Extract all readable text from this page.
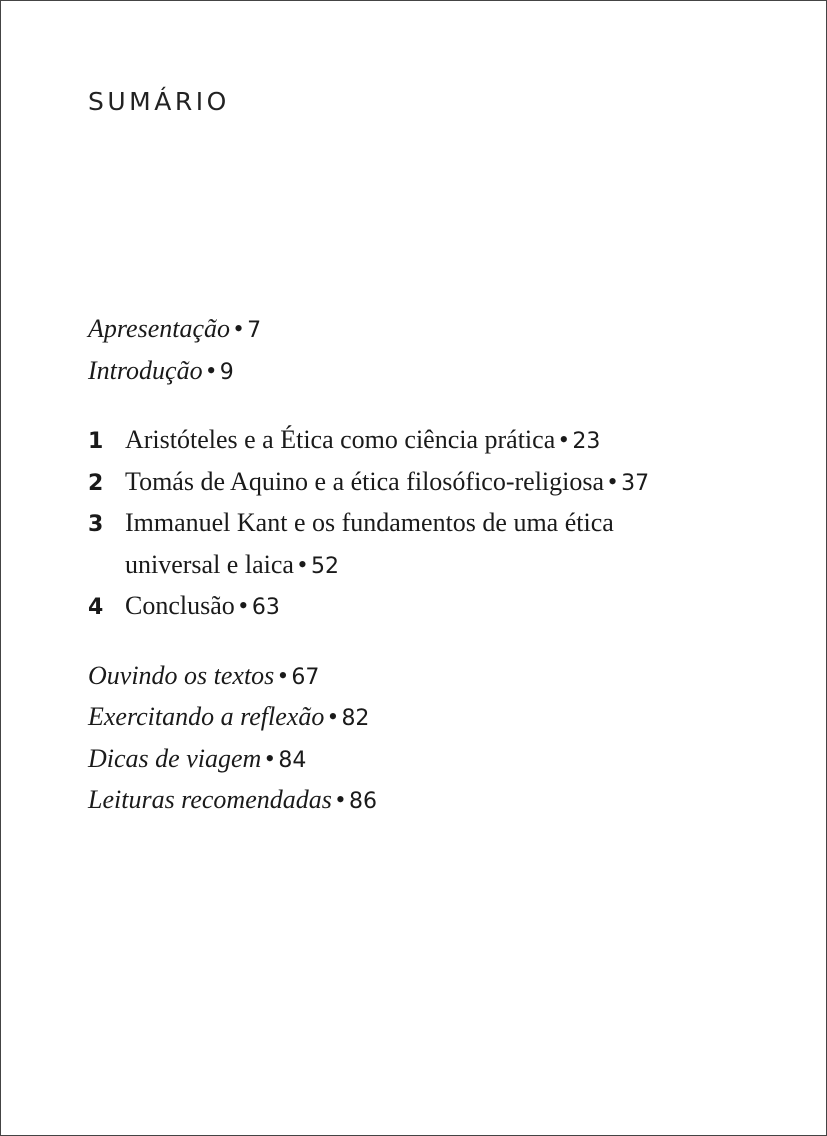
SUMÁRIO

Apresentação • 7

Introdução • 9

1 Aristóteles e a Ética como ciência prática • 23

2 Tomás de Aquino e a ética filosófico-religiosa • 37

3 Immanuel Kant e os fundamentos de uma ética

universal e laica • 52

4 Conclusão • 63

Ouvindo os textos • 67

Exercitando a reflexão • 82

Dicas de viagem • 84

Leituras recomendadas • 86
